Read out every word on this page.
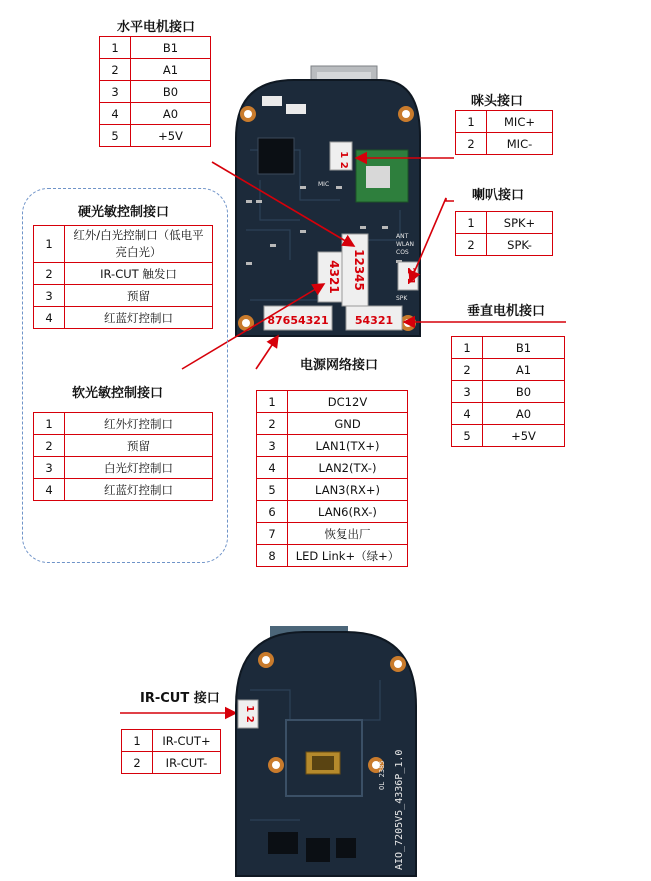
1 2
2 1
4321 12345
87654321 54321
MIC
ANT
WLAN
COS
SPK
1 2
AIO_7205V5_4336P_1.0
OL 2385
水平电机接口
1	B1
2	A1
3	B0
4	A0
5	+5V
咪头接口
1	MIC+
2	MIC-
喇叭接口
1	SPK+
2	SPK-
垂直电机接口
1	B1
2	A1
3	B0
4	A0
5	+5V
电源网络接口
1	DC12V
2	GND
3	LAN1(TX+)
4	LAN2(TX-)
5	LAN3(RX+)
6	LAN6(RX-)
7	恢复出厂
8	LED Link+（绿+）
硬光敏控制接口
1	红外/白光控制口（低电平亮白光）
2	IR-CUT 触发口
3	预留
4	红蓝灯控制口
软光敏控制接口
1	红外灯控制口
2	预留
3	白光灯控制口
4	红蓝灯控制口
IR-CUT 接口
1	IR-CUT+
2	IR-CUT-
